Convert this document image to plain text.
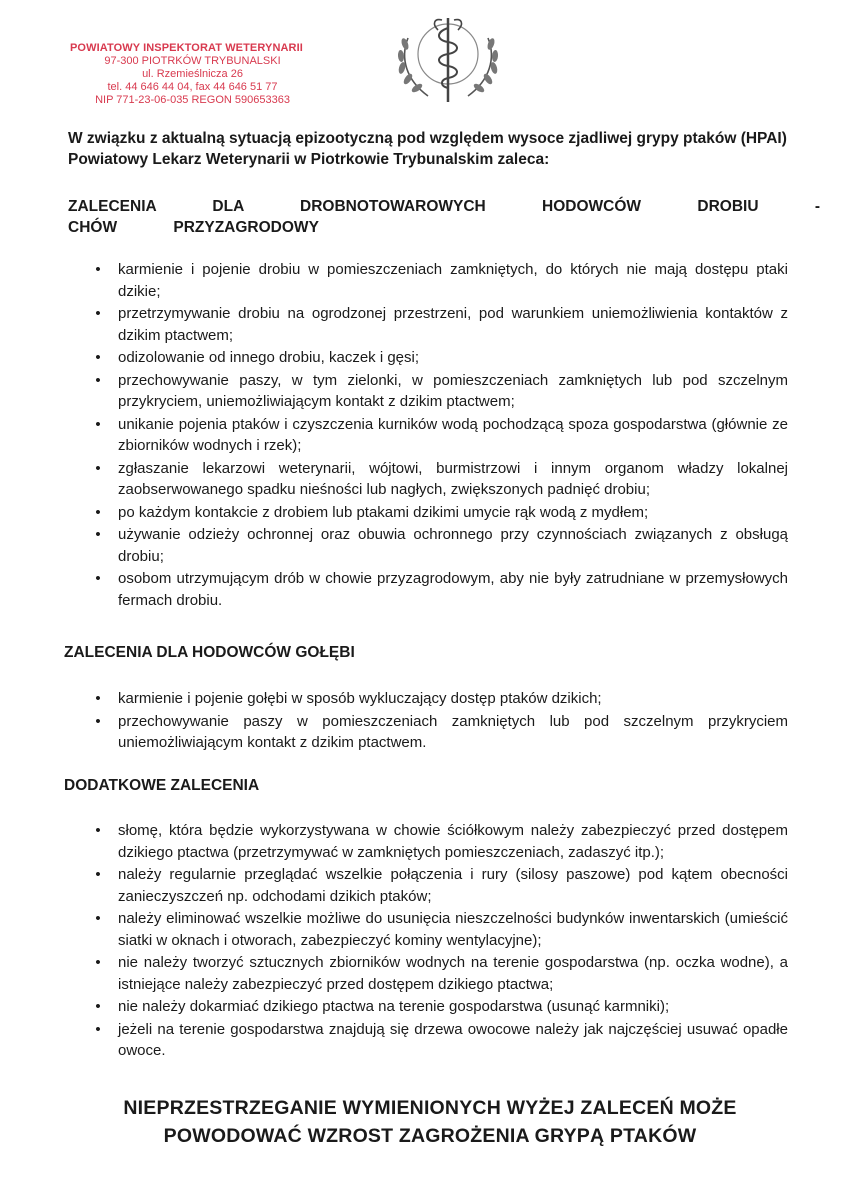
POWIATOWY INSPEKTORAT WETERYNARII
97-300 PIOTRKÓW TRYBUNALSKI
ul. Rzemieślnicza 26
tel. 44 646 44 04, fax 44 646 51 77
NIP 771-23-06-035 REGON 590653363
W związku z aktualną sytuacją epizootyczną pod względem wysoce zjadliwej grypy ptaków (HPAI)
Powiatowy Lekarz Weterynarii w Piotrkowie Trybunalskim zaleca:
ZALECENIA DLA DROBNOTOWAROWYCH HODOWCÓW DROBIU - CHÓW PRZYZAGRODOWY
•	karmienie i pojenie drobiu w pomieszczeniach zamkniętych, do których nie mają dostępu ptaki dzikie;
•	przetrzymywanie drobiu na ogrodzonej przestrzeni, pod warunkiem uniemożliwienia kontaktów z dzikim ptactwem;
•	odizolowanie od innego drobiu, kaczek i gęsi;
•	przechowywanie paszy, w tym zielonki, w pomieszczeniach zamkniętych lub pod szczelnym przykryciem, uniemożliwiającym kontakt z dzikim ptactwem;
•	unikanie pojenia ptaków i czyszczenia kurników wodą pochodzącą spoza gospodarstwa (głównie ze zbiorników wodnych i rzek);
•	zgłaszanie lekarzowi weterynarii, wójtowi, burmistrzowi i innym organom władzy lokalnej zaobserwowanego spadku nieśności lub nagłych, zwiększonych padnięć drobiu;
•	po każdym kontakcie z drobiem lub ptakami dzikimi umycie rąk wodą z mydłem;
•	używanie odzieży ochronnej oraz obuwia ochronnego przy czynnościach związanych z obsługą drobiu;
•	osobom utrzymującym drób w chowie przyzagrodowym, aby nie były zatrudniane w przemysłowych fermach drobiu.
ZALECENIA DLA HODOWCÓW GOŁĘBI
•	karmienie i pojenie gołębi w sposób wykluczający dostęp ptaków dzikich;
•	przechowywanie paszy w pomieszczeniach zamkniętych lub pod szczelnym przykryciem uniemożliwiającym kontakt z dzikim ptactwem.
DODATKOWE ZALECENIA
•	słomę, która będzie wykorzystywana w chowie ściółkowym należy zabezpieczyć przed dostępem dzikiego ptactwa (przetrzymywać w zamkniętych pomieszczeniach, zadaszyć itp.);
•	należy regularnie przeglądać wszelkie połączenia i rury (silosy paszowe) pod kątem obecności zanieczyszczeń np. odchodami dzikich ptaków;
•	należy eliminować wszelkie możliwe do usunięcia nieszczelności budynków inwentarskich (umieścić siatki w oknach i otworach, zabezpieczyć kominy wentylacyjne);
•	nie należy tworzyć sztucznych zbiorników wodnych na terenie gospodarstwa (np. oczka wodne), a istniejące należy zabezpieczyć przed dostępem dzikiego ptactwa;
•	nie należy dokarmiać dzikiego ptactwa na terenie gospodarstwa (usunąć karmniki);
•	jeżeli na terenie gospodarstwa znajdują się drzewa owocowe należy jak najczęściej usuwać opadłe owoce.
NIEPRZESTRZEGANIE WYMIENIONYCH WYŻEJ ZALECEŃ MOŻE
POWODOWAĆ WZROST ZAGROŻENIA GRYPĄ PTAKÓW
